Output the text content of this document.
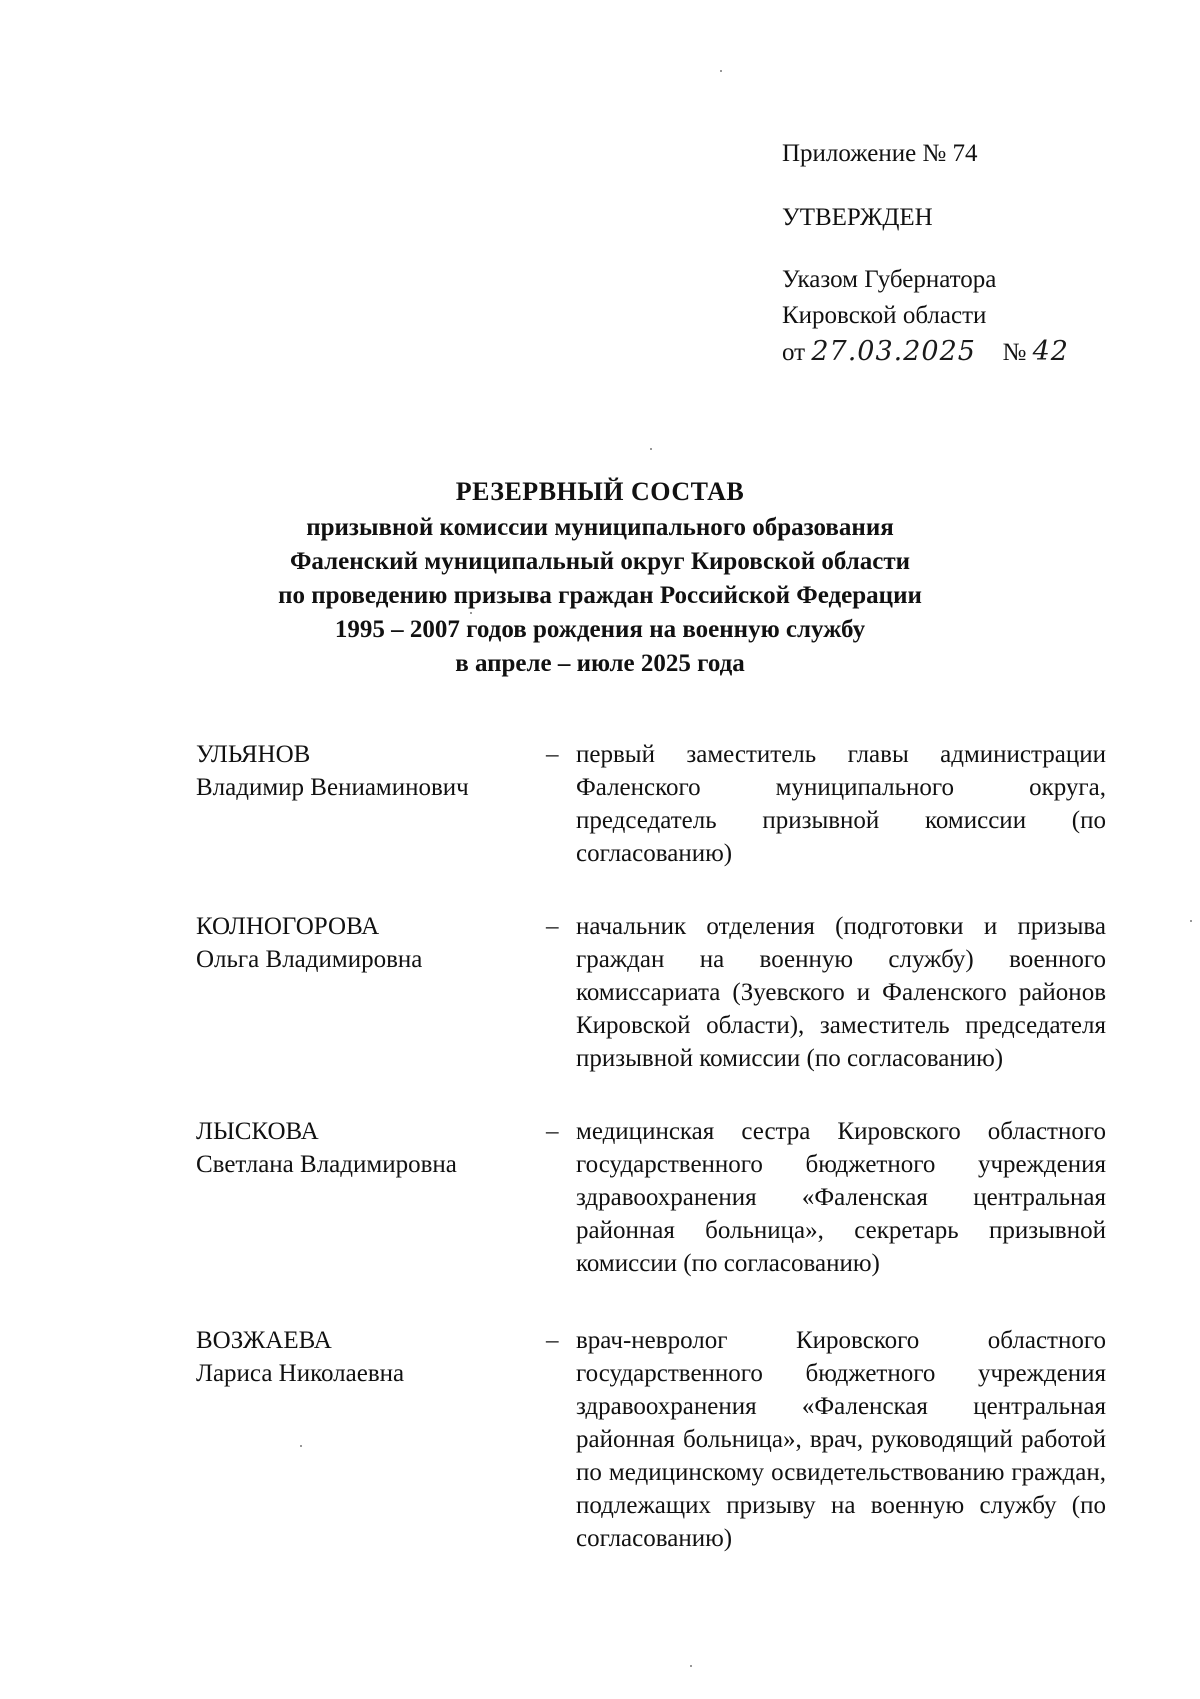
Приложение № 74
УТВЕРЖДЕН
Указом Губернатора
Кировской области
от 27.03.2025 № 42
РЕЗЕРВНЫЙ СОСТАВ
призывной комиссии муниципального образования
Фаленский муниципальный округ Кировской области
по проведению призыва граждан Российской Федерации
1995 – 2007 годов рождения на военную службу
в апреле – июле 2025 года
УЛЬЯНОВ
Владимир Вениаминович
– первый заместитель главы администрации Фаленского муниципального округа, председатель призывной комиссии (по согласованию)
КОЛНОГОРОВА
Ольга Владимировна
– начальник отделения (подготовки и призыва граждан на военную службу) военного комиссариата (Зуевского и Фаленского районов Кировской области), заместитель председателя призывной комиссии (по согласованию)
ЛЫСКОВА
Светлана Владимировна
– медицинская сестра Кировского областного государственного бюджетного учреждения здравоохранения «Фаленская центральная районная больница», секретарь призывной комиссии (по согласованию)
ВОЗЖАЕВА
Лариса Николаевна
– врач-невролог Кировского областного государственного бюджетного учреждения здравоохранения «Фаленская центральная районная больница», врач, руководящий работой по медицинскому освидетельствованию граждан, подлежащих призыву на военную службу (по согласованию)
